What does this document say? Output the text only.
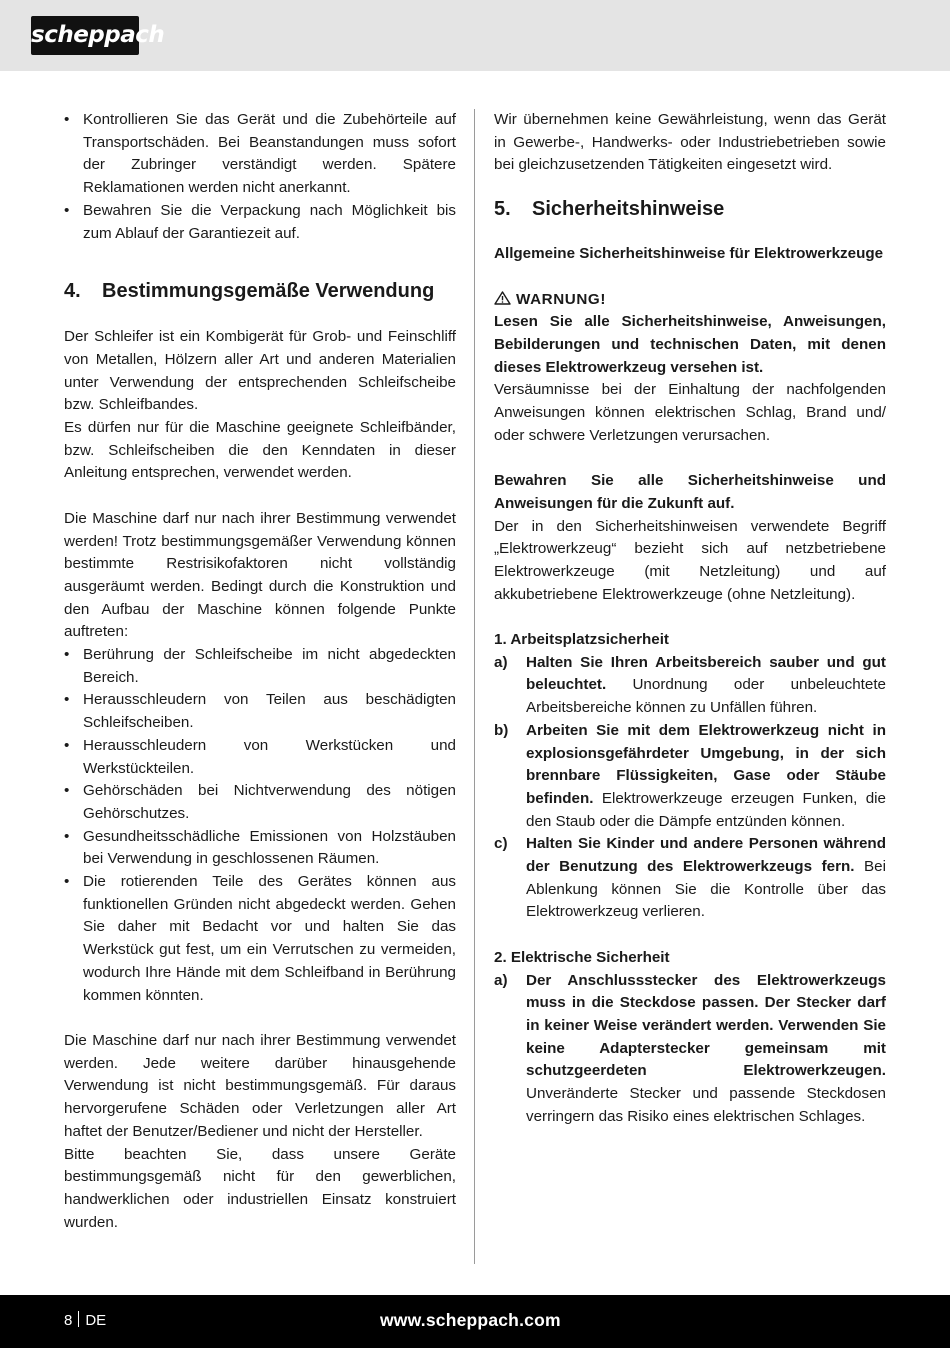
scheppach
• Kontrollieren Sie das Gerät und die Zubehörteile auf Transportschäden. Bei Beanstandungen muss sofort der Zubringer verständigt werden. Spätere Reklamationen werden nicht anerkannt.
• Bewahren Sie die Verpackung nach Möglichkeit bis zum Ablauf der Garantiezeit auf.
4.	Bestimmungsgemäße Verwendung

Der Schleifer ist ein Kombigerät für Grob- und Feinschliff von Metallen, Hölzern aller Art und anderen Materialien unter Verwendung der entsprechenden Schleifscheibe bzw. Schleifbandes.

Es dürfen nur für die Maschine geeignete Schleifbänder, bzw. Schleifscheiben die den Kenndaten in dieser Anleitung entsprechen, verwendet werden.

Die Maschine darf nur nach ihrer Bestimmung verwendet werden! Trotz bestimmungsgemäßer Verwendung können bestimmte Restrisikofaktoren nicht vollständig ausgeräumt werden. Bedingt durch die Konstruktion und den Aufbau der Maschine können folgende Punkte auftreten:

• Berührung der Schleifscheibe im nicht abgedeckten Bereich.
• Herausschleudern von Teilen aus beschädigten Schleifscheiben.
• Herausschleudern von Werkstücken und Werkstückteilen.
• Gehörschäden bei Nichtverwendung des nötigen Gehörschutzes.
• Gesundheitsschädliche Emissionen von Holzstäuben bei Verwendung in geschlossenen Räumen.
• Die rotierenden Teile des Gerätes können aus funktionellen Gründen nicht abgedeckt werden. Gehen Sie daher mit Bedacht vor und halten Sie das Werkstück gut fest, um ein Verrutschen zu vermeiden, wodurch Ihre Hände mit dem Schleifband in Berührung kommen könnten.

Die Maschine darf nur nach ihrer Bestimmung verwendet werden. Jede weitere darüber hinausgehende Verwendung ist nicht bestimmungsgemäß. Für daraus hervorgerufene Schäden oder Verletzungen aller Art haftet der Benutzer/Bediener und nicht der Hersteller.

Bitte beachten Sie, dass unsere Geräte bestimmungsgemäß nicht für den gewerblichen, handwerklichen oder industriellen Einsatz konstruiert wurden.

Wir übernehmen keine Gewährleistung, wenn das Gerät in Gewerbe-, Handwerks- oder Industriebetrieben sowie bei gleichzusetzenden Tätigkeiten eingesetzt wird.

5.	Sicherheitshinweise

Allgemeine Sicherheitshinweise für Elektrowerkzeuge

WARNUNG!

Lesen Sie alle Sicherheitshinweise, Anweisungen, Bebilderungen und technischen Daten, mit denen dieses Elektrowerkzeug versehen ist.

Versäumnisse bei der Einhaltung der nachfolgenden Anweisungen können elektrischen Schlag, Brand und/ oder schwere Verletzungen verursachen.

Bewahren Sie alle Sicherheitshinweise und Anweisungen für die Zukunft auf.

Der in den Sicherheitshinweisen verwendete Begriff „Elektrowerkzeug“ bezieht sich auf netzbetriebene Elektrowerkzeuge (mit Netzleitung) und auf akkubetriebene Elektrowerkzeuge (ohne Netzleitung).

1. Arbeitsplatzsicherheit

a) Halten Sie Ihren Arbeitsbereich sauber und gut beleuchtet. Unordnung oder unbeleuchtete Arbeitsbereiche können zu Unfällen führen.
b) Arbeiten Sie mit dem Elektrowerkzeug nicht in explosionsgefährdeter Umgebung, in der sich brennbare Flüssigkeiten, Gase oder Stäube befinden. Elektrowerkzeuge erzeugen Funken, die den Staub oder die Dämpfe entzünden können.
c) Halten Sie Kinder und andere Personen während der Benutzung des Elektrowerkzeugs fern. Bei Ablenkung können Sie die Kontrolle über das Elektrowerkzeug verlieren.

2. Elektrische Sicherheit

a) Der Anschlussstecker des Elektrowerkzeugs muss in die Steckdose passen. Der Stecker darf in keiner Weise verändert werden. Verwenden Sie keine Adapterstecker gemeinsam mit schutzgeerdeten Elektrowerkzeugen. Unveränderte Stecker und passende Steckdosen verringern das Risiko eines elektrischen Schlages.
8 DE	www.scheppach.com
